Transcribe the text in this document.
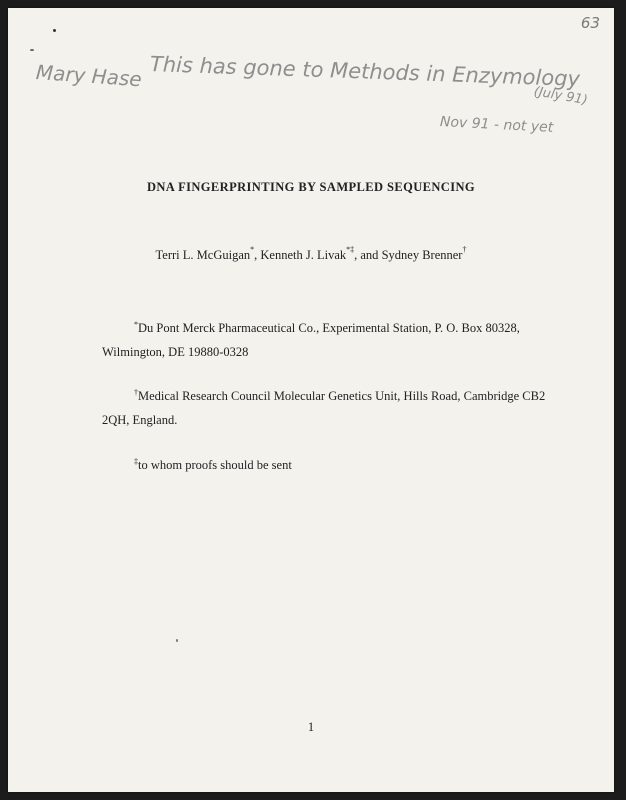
63
Mary Hase This has gone to Methods in Enzymology
(July 91)
Nov 91 - not yet
DNA FINGERPRINTING BY SAMPLED SEQUENCING
Terri L. McGuigan*, Kenneth J. Livak*‡, and Sydney Brenner†
*Du Pont Merck Pharmaceutical Co., Experimental Station, P. O. Box 80328,
Wilmington, DE 19880-0328
†Medical Research Council Molecular Genetics Unit, Hills Road, Cambridge CB2
2QH, England.
‡to whom proofs should be sent
1
